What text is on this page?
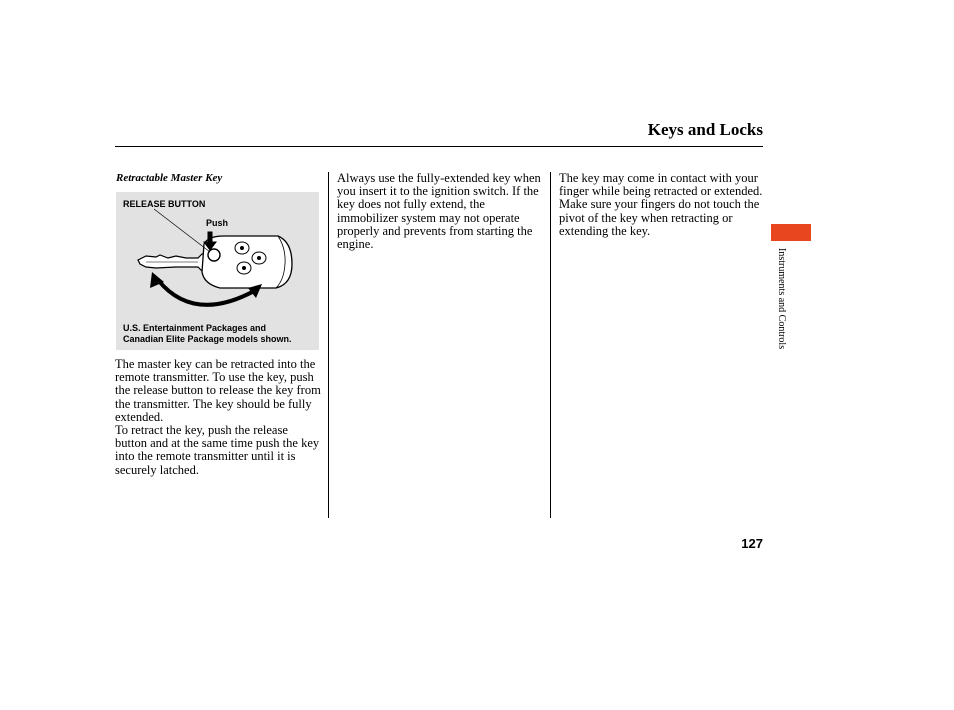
Keys and Locks
Retractable Master Key
RELEASE BUTTON
Push
U.S. Entertainment Packages and
Canadian Elite Package models shown.

The master key can be retracted into the remote transmitter. To use the key, push the release button to release the key from the transmitter. The key should be fully extended.

To retract the key, push the release button and at the same time push the key into the remote transmitter until it is securely latched.

Always use the fully-extended key when you insert it to the ignition switch. If the key does not fully extend, the immobilizer system may not operate properly and prevents from starting the engine.

The key may come in contact with your finger while being retracted or extended. Make sure your fingers do not touch the pivot of the key when retracting or extending the key.

Instruments and Controls
127
